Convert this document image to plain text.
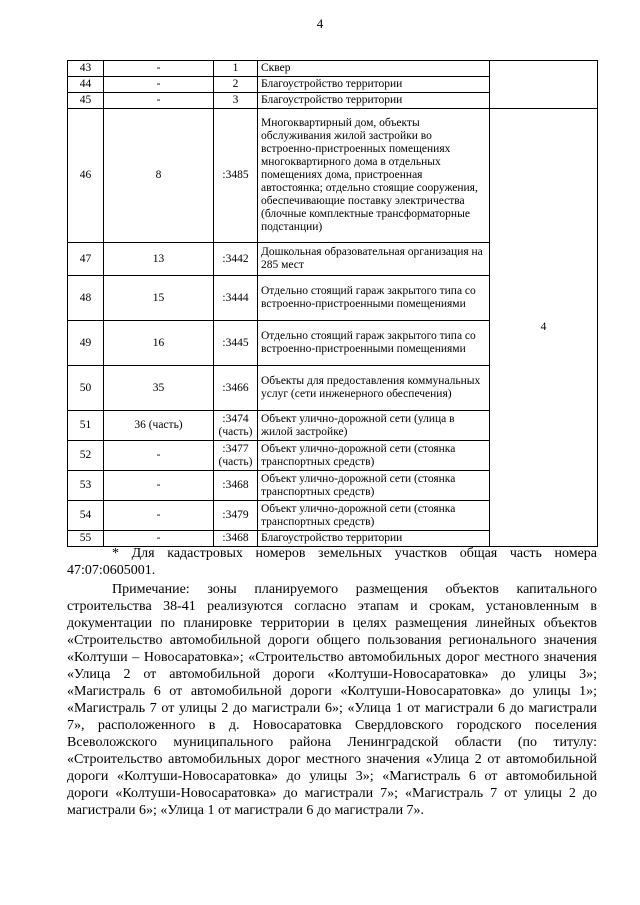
4
43	-	1	Сквер	
44	-	2	Благоустройство территории	
45	-	3	Благоустройство территории	
46	8	:3485	Многоквартирный дом, объекты обслуживания жилой застройки во встроенно-пристроенных помещениях многоквартирного дома в отдельных помещениях дома, пристроенная автостоянка; отдельно стоящие сооружения, обеспечивающие поставку электричества (блочные комплектные трансформаторные подстанции)	4
47	13	:3442	Дошкольная образовательная организация на 285 мест	
48	15	:3444	Отдельно стоящий гараж закрытого типа со встроенно-пристроенными помещениями	
49	16	:3445	Отдельно стоящий гараж закрытого типа со встроенно-пристроенными помещениями	
50	35	:3466	Объекты для предоставления коммунальных услуг (сети инженерного обеспечения)	
51	36 (часть)	:3474 (часть)	Объект улично-дорожной сети (улица в жилой застройке)	
52	-	:3477 (часть)	Объект улично-дорожной сети (стоянка транспортных средств)	
53	-	:3468	Объект улично-дорожной сети (стоянка транспортных средств)	
54	-	:3479	Объект улично-дорожной сети (стоянка транспортных средств)	
55	-	:3468	Благоустройство территории	

* Для кадастровых номеров земельных участков общая часть номера 47:07:0605001.

Примечание: зоны планируемого размещения объектов капитального строительства 38-41 реализуются согласно этапам и срокам, установленным в документации по планировке территории в целях размещения линейных объектов «Строительство автомобильной дороги общего пользования регионального значения «Колтуши – Новосаратовка»; «Строительство автомобильных дорог местного значения «Улица 2 от автомобильной дороги «Колтуши-Новосаратовка» до улицы 3»; «Магистраль 6 от автомобильной дороги «Колтуши-Новосаратовка» до улицы 1»; «Магистраль 7 от улицы 2 до магистрали 6»; «Улица 1 от магистрали 6 до магистрали 7», расположенного в д. Новосаратовка Свердловского городского поселения Всеволожского муниципального района Ленинградской области (по титулу: «Строительство автомобильных дорог местного значения «Улица 2 от автомобильной дороги «Колтуши-Новосаратовка» до улицы 3»; «Магистраль 6 от автомобильной дороги «Колтуши-Новосаратовка» до магистрали 7»; «Магистраль 7 от улицы 2 до магистрали 6»; «Улица 1 от магистрали 6 до магистрали 7».
